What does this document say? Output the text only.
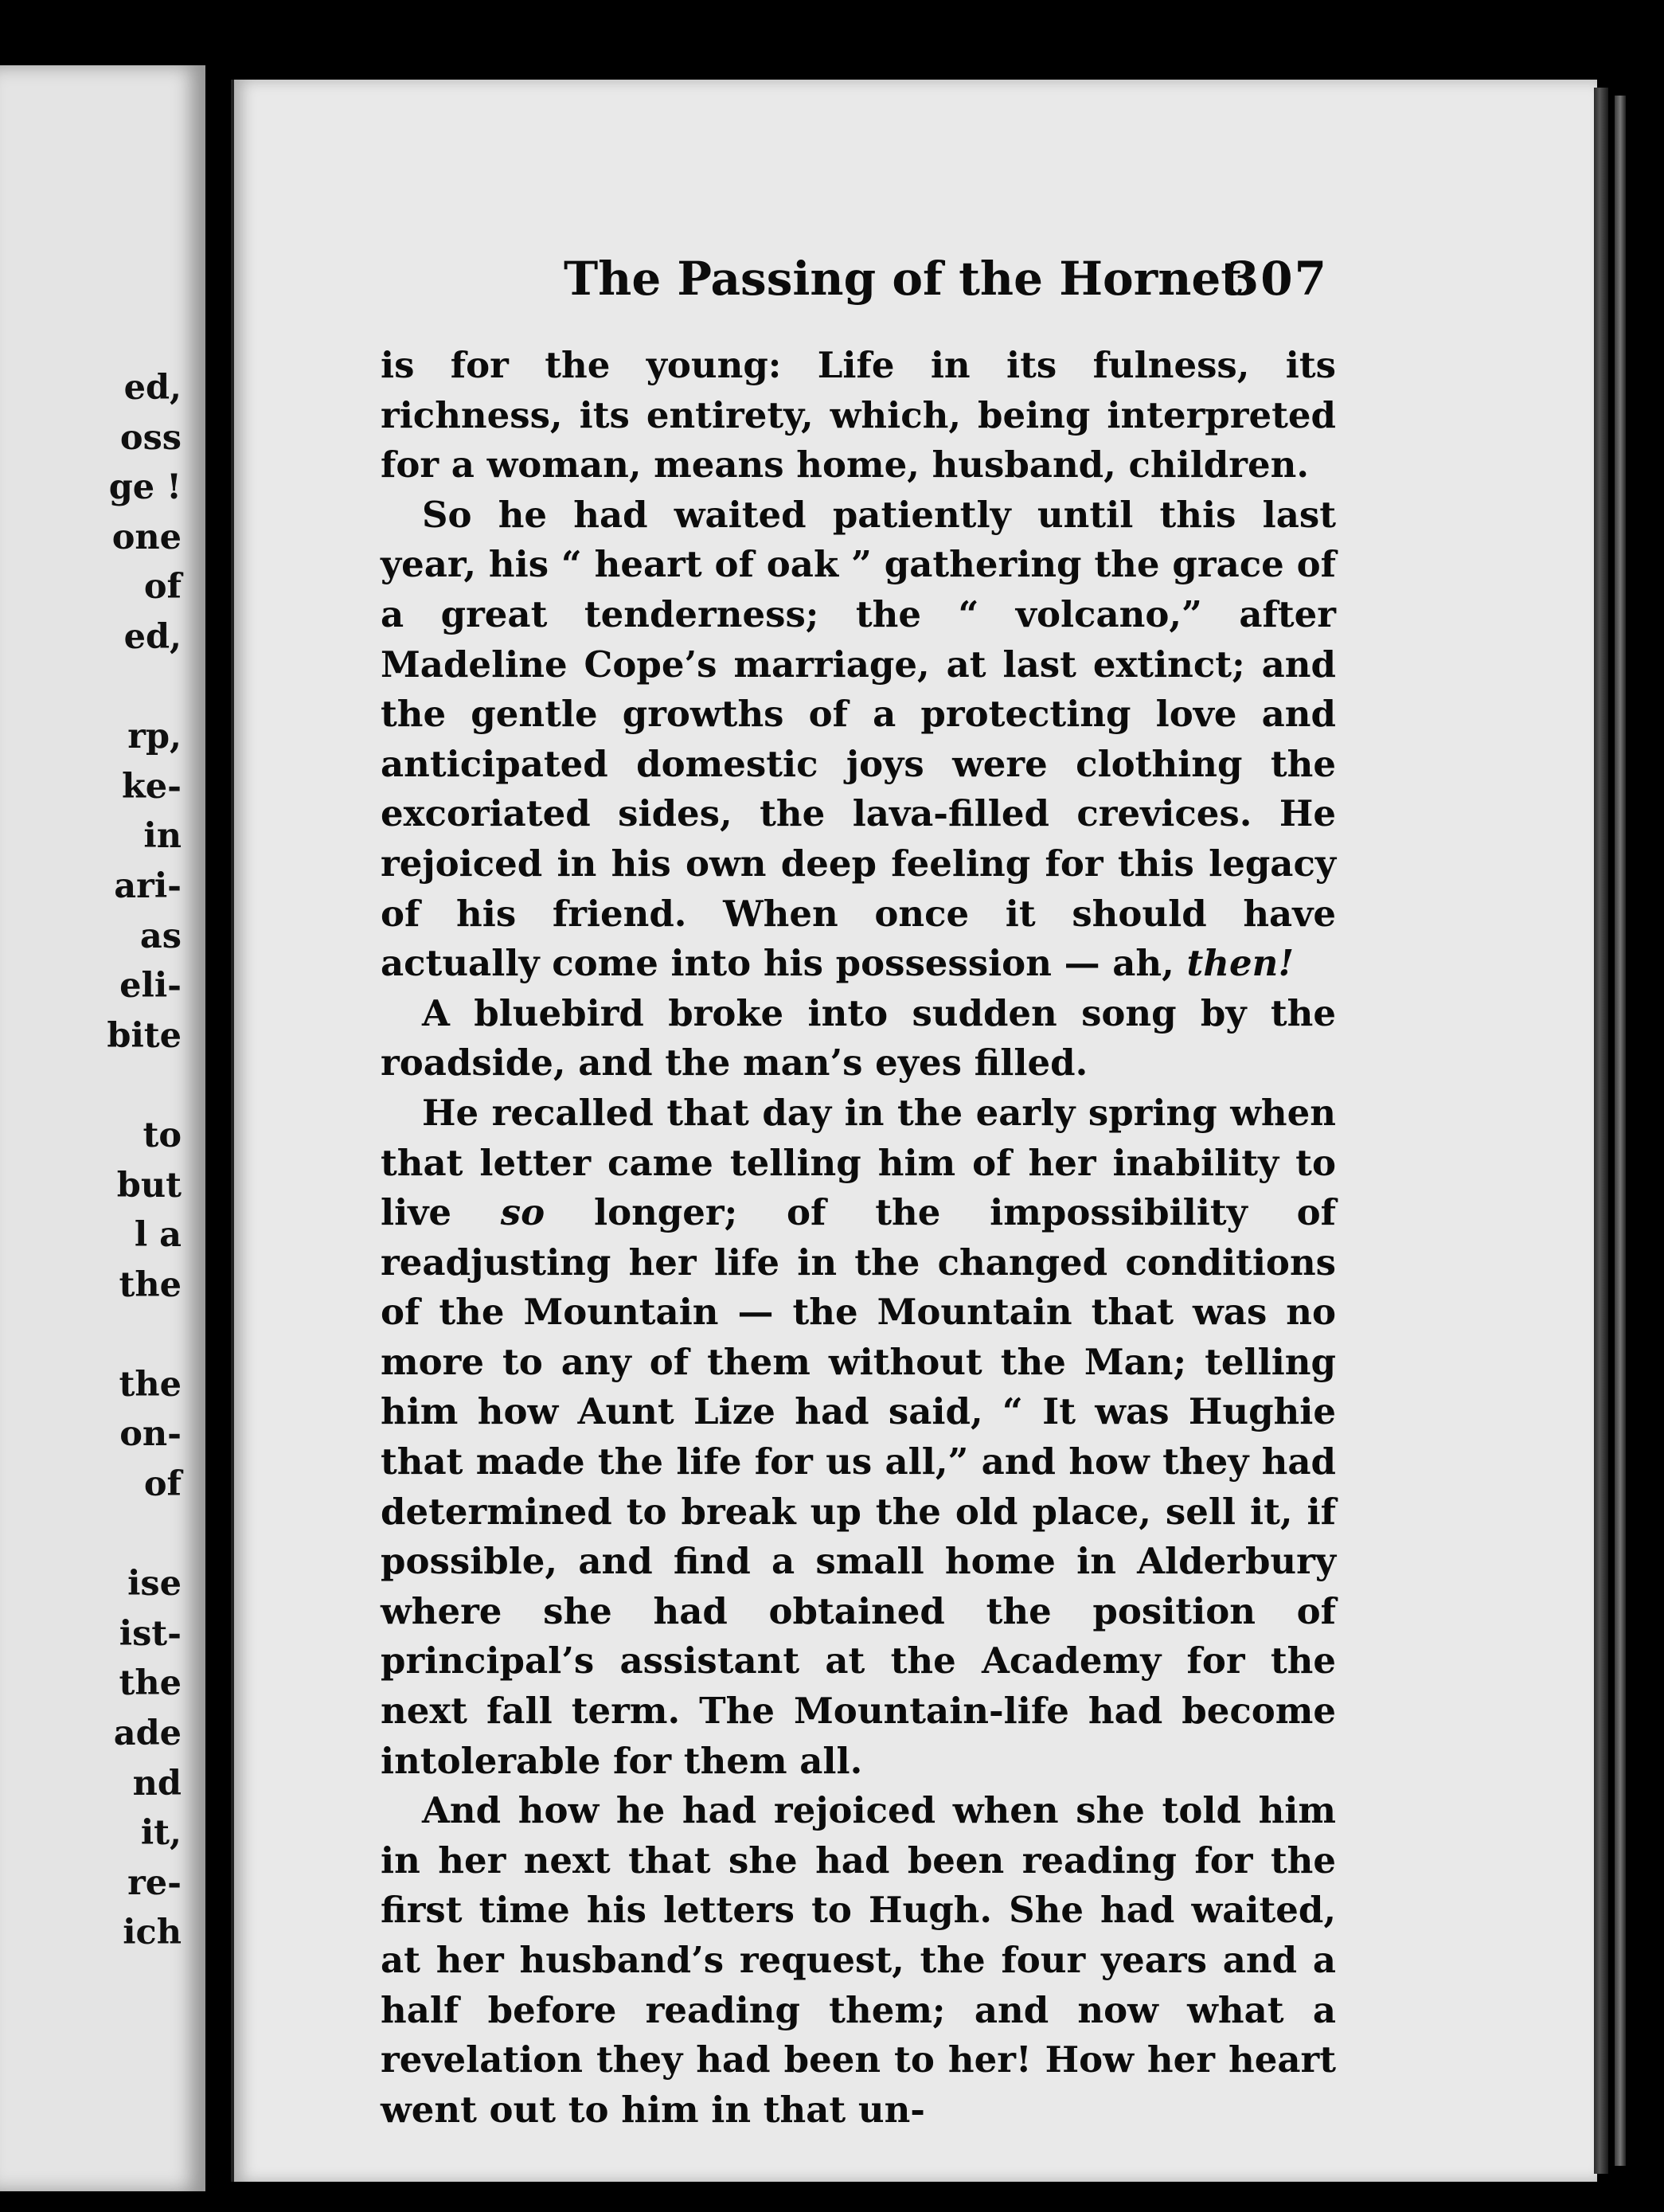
ed,
oss
ge !
one
of
ed,
rp,
ke-
in
ari-
as
eli-
bite
to
but
l a
the
the
on-
of
ise
ist-
the
ade
nd
it,
re-
ich
The Passing of the Hornet
307

is for the young: Life in its fulness, its richness, its entirety, which, being interpreted for a woman, means home, husband, children.

So he had waited patiently until this last year, his “ heart of oak ” gathering the grace of a great tenderness; the “ volcano,” after Madeline Cope’s marriage, at last extinct; and the gentle growths of a protecting love and anticipated domestic joys were clothing the excoriated sides, the lava-filled crevices. He rejoiced in his own deep feeling for this legacy of his friend. When once it should have actually come into his possession — ah, then!

A bluebird broke into sudden song by the roadside, and the man’s eyes filled.

He recalled that day in the early spring when that letter came telling him of her inability to live so longer; of the impossibility of readjusting her life in the changed conditions of the Mountain — the Mountain that was no more to any of them without the Man; telling him how Aunt Lize had said, “ It was Hughie that made the life for us all,” and how they had determined to break up the old place, sell it, if possible, and find a small home in Alderbury where she had obtained the position of principal’s assistant at the Academy for the next fall term. The Mountain-life had become intolerable for them all.

And how he had rejoiced when she told him in her next that she had been reading for the first time his letters to Hugh. She had waited, at her husband’s request, the four years and a half before reading them; and now what a revelation they had been to her! How her heart went out to him in that un-
